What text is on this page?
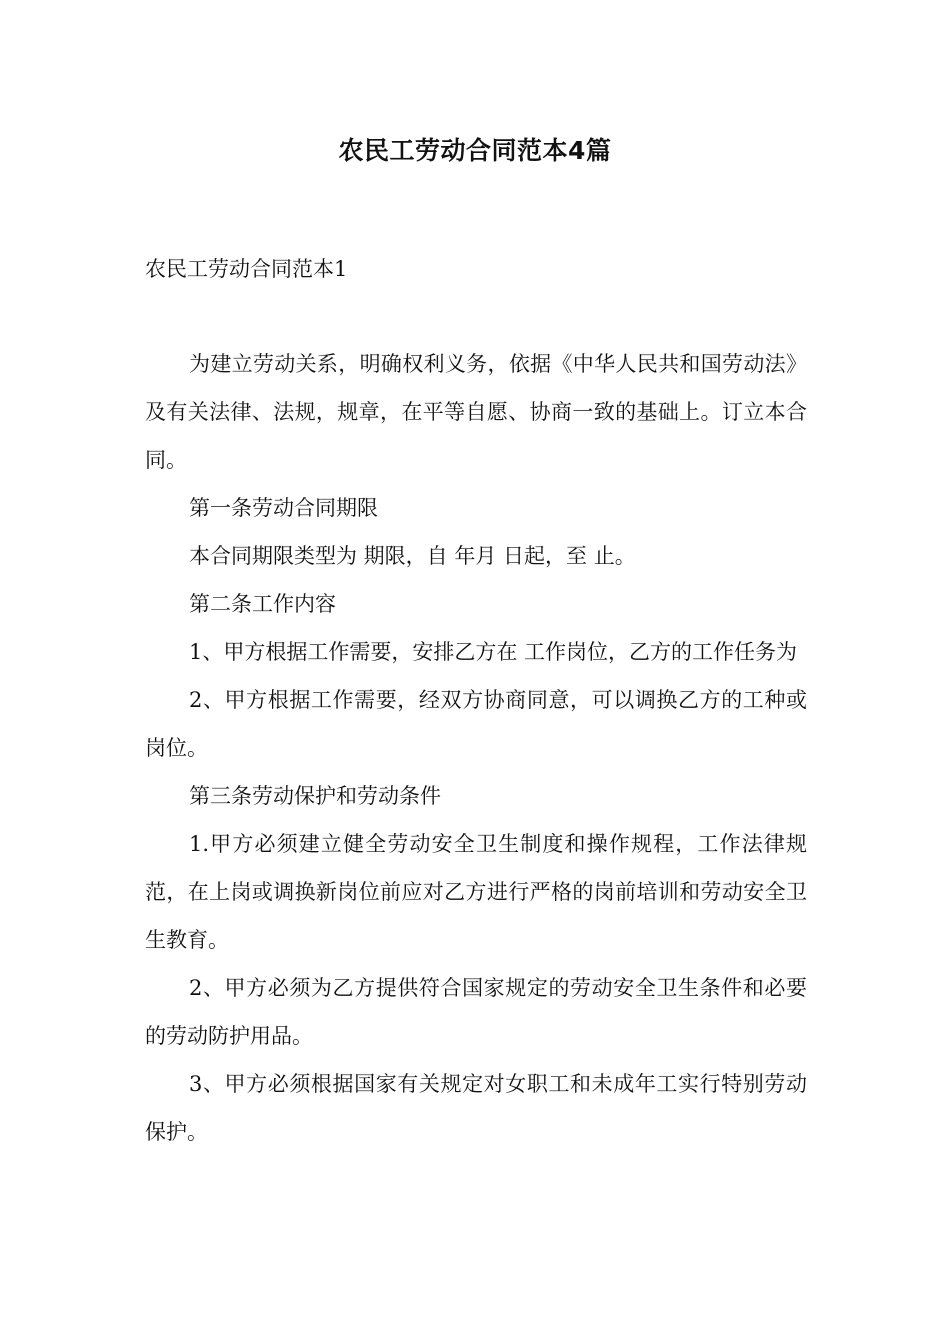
农民工劳动合同范本4篇
农民工劳动合同范本1

为建立劳动关系，明确权利义务，依据《中华人民共和国劳动法》及有关法律、法规，规章，在平等自愿、协商一致的基础上。订立本合同。

第一条劳动合同期限

本合同期限类型为 期限，自 年月 日起，至 止。

第二条工作内容

1、甲方根据工作需要，安排乙方在 工作岗位，乙方的工作任务为

2、甲方根据工作需要，经双方协商同意，可以调换乙方的工种或岗位。

第三条劳动保护和劳动条件

1.甲方必须建立健全劳动安全卫生制度和操作规程，工作法律规范，在上岗或调换新岗位前应对乙方进行严格的岗前培训和劳动安全卫生教育。

2、甲方必须为乙方提供符合国家规定的劳动安全卫生条件和必要的劳动防护用品。

3、甲方必须根据国家有关规定对女职工和未成年工实行特别劳动保护。
